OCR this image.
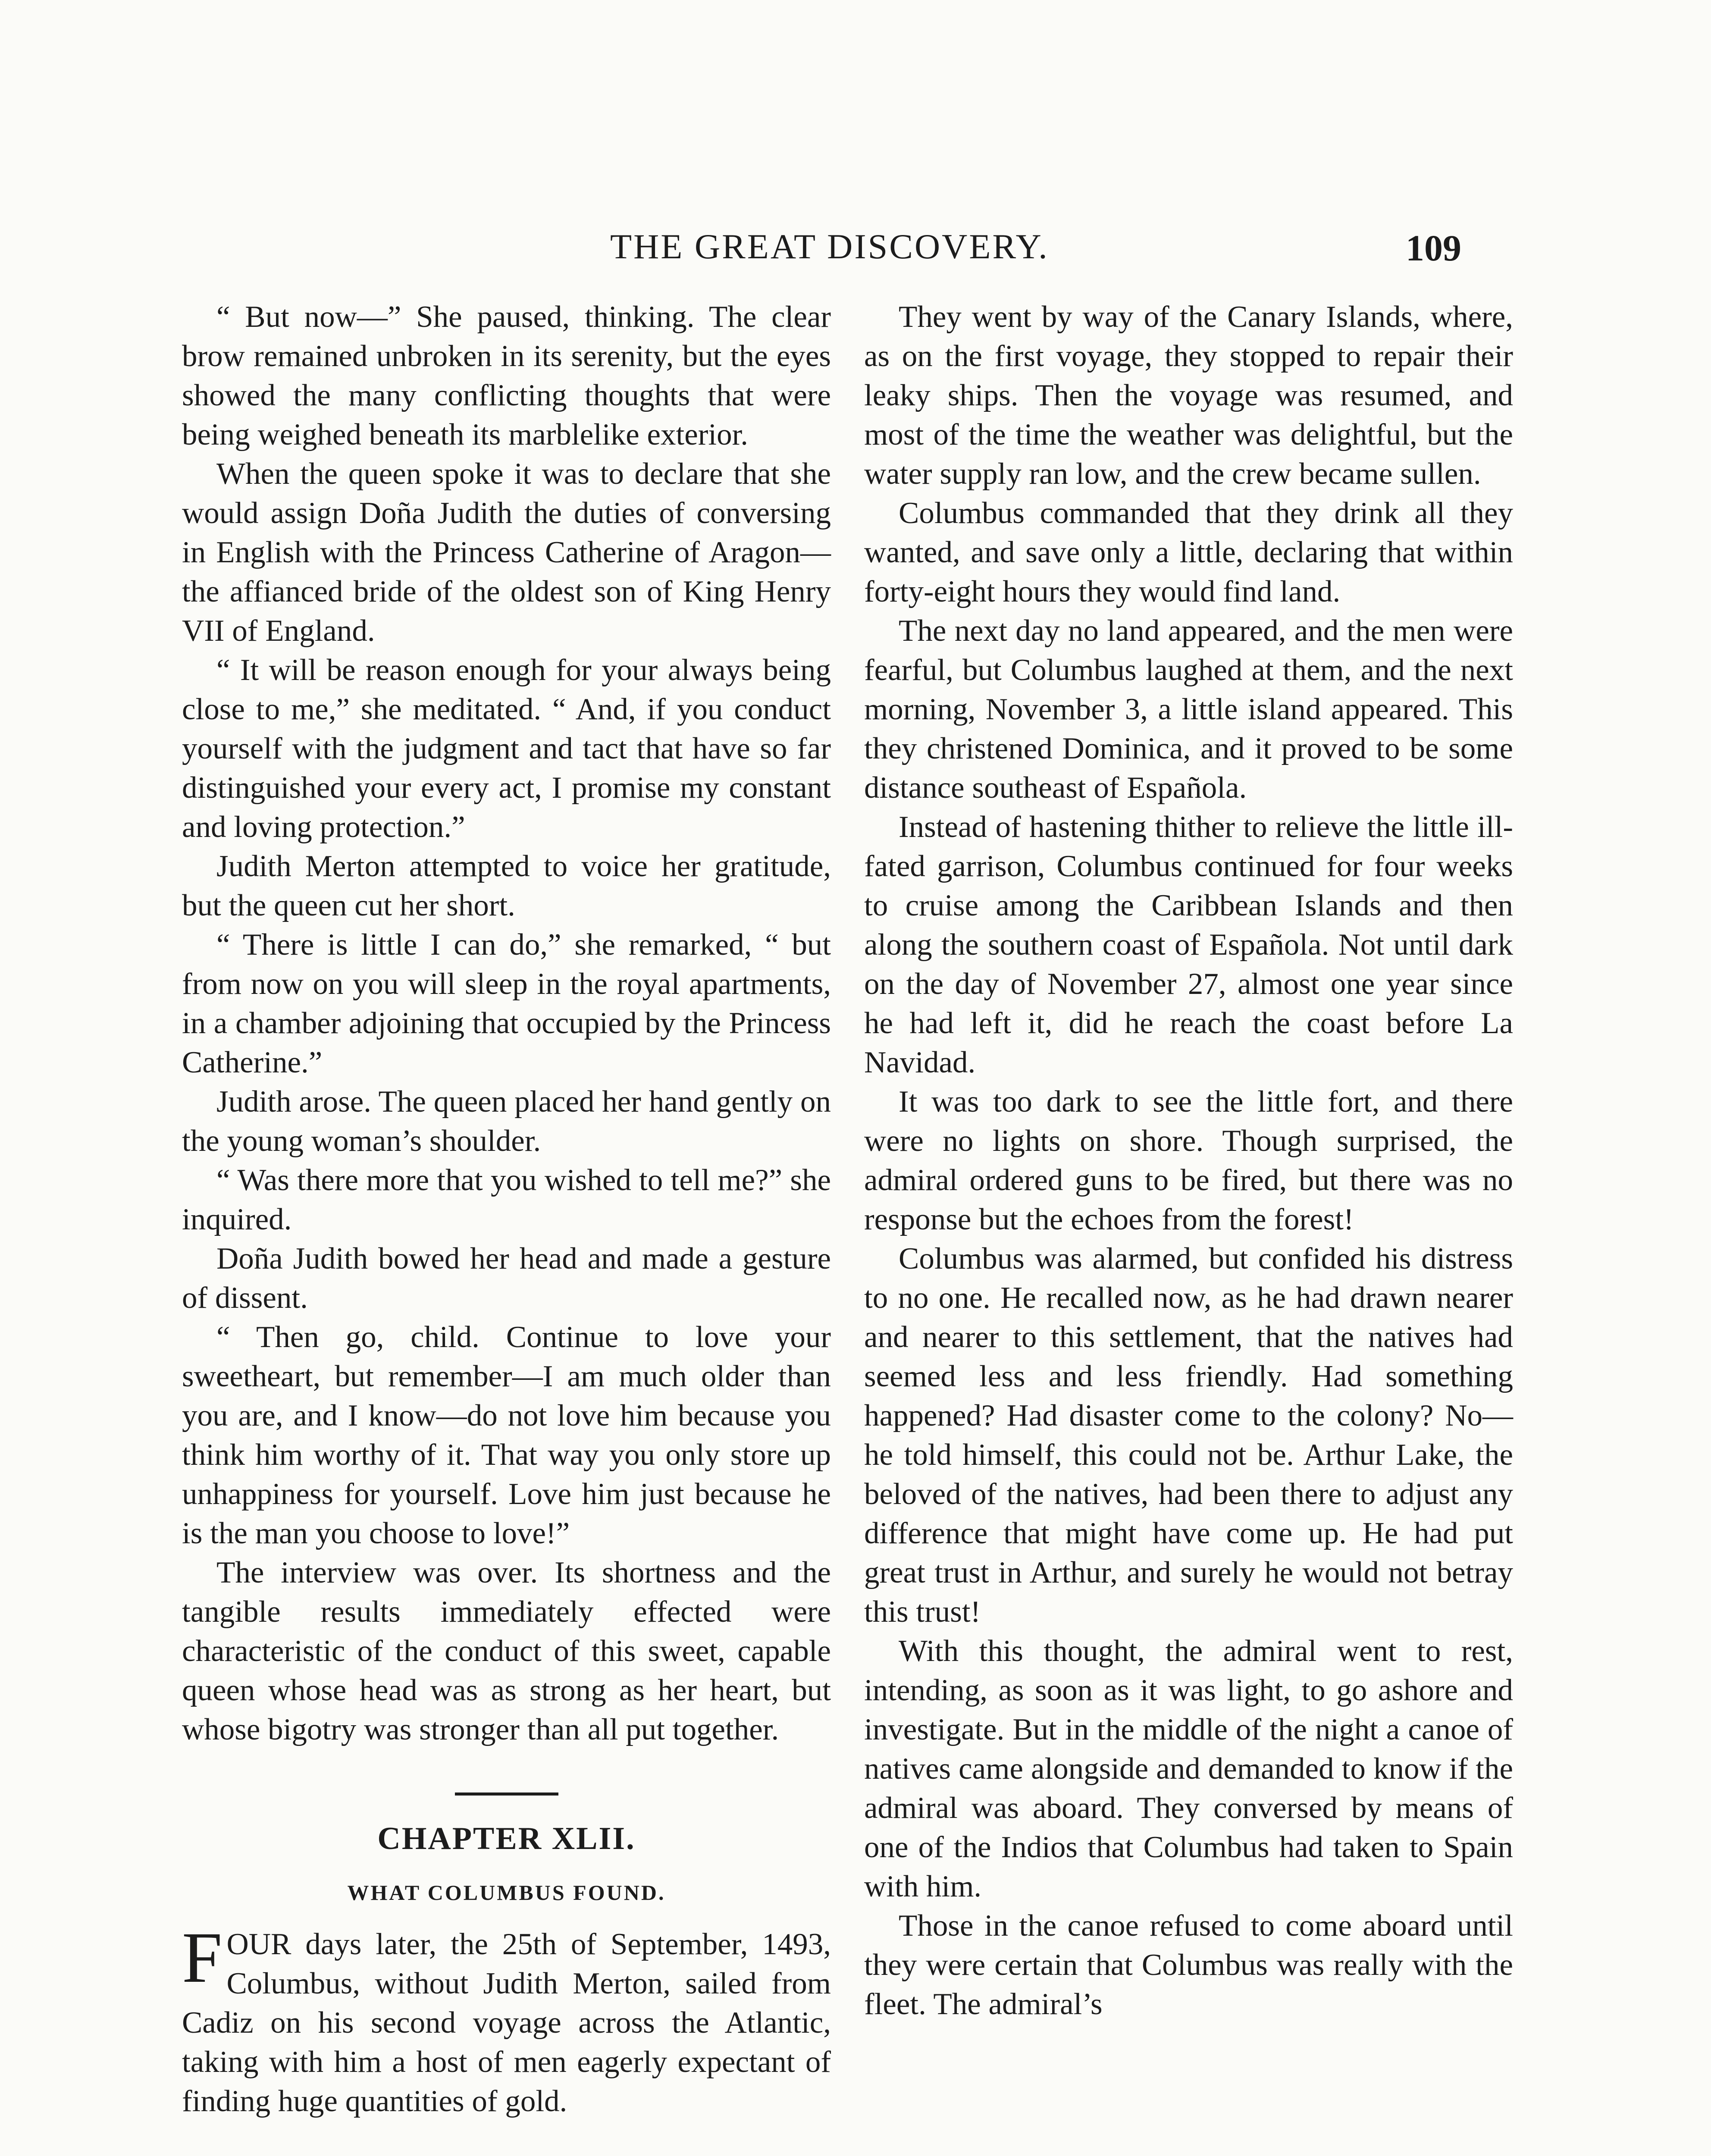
THE GREAT DISCOVERY.	109

“ But now—” She paused, thinking. The clear brow remained unbroken in its serenity, but the eyes showed the many conflicting thoughts that were being weighed beneath its marblelike exterior.

When the queen spoke it was to declare that she would assign Doña Judith the duties of conversing in English with the Princess Catherine of Aragon—the affianced bride of the oldest son of King Henry VII of England.

“ It will be reason enough for your always being close to me,” she meditated. “ And, if you conduct yourself with the judgment and tact that have so far distinguished your every act, I promise my constant and loving protection.”

Judith Merton attempted to voice her gratitude, but the queen cut her short.

“ There is little I can do,” she remarked, “ but from now on you will sleep in the royal apartments, in a chamber adjoining that occupied by the Princess Catherine.”

Judith arose. The queen placed her hand gently on the young woman’s shoulder.

“ Was there more that you wished to tell me?” she inquired.

Doña Judith bowed her head and made a gesture of dissent.

“ Then go, child. Continue to love your sweetheart, but remember—I am much older than you are, and I know—do not love him because you think him worthy of it. That way you only store up unhappiness for yourself. Love him just because he is the man you choose to love!”

The interview was over. Its shortness and the tangible results immediately effected were characteristic of the conduct of this sweet, capable queen whose head was as strong as her heart, but whose bigotry was stronger than all put together.

CHAPTER XLII.
WHAT COLUMBUS FOUND.

FOUR days later, the 25th of September, 1493, Columbus, without Judith Merton, sailed from Cadiz on his second voyage across the Atlantic, taking with him a host of men eagerly expectant of finding huge quantities of gold.

They went by way of the Canary Islands, where, as on the first voyage, they stopped to repair their leaky ships. Then the voyage was resumed, and most of the time the weather was delightful, but the water supply ran low, and the crew became sullen.

Columbus commanded that they drink all they wanted, and save only a little, declaring that within forty-eight hours they would find land.

The next day no land appeared, and the men were fearful, but Columbus laughed at them, and the next morning, November 3, a little island appeared. This they christened Dominica, and it proved to be some distance southeast of Española.

Instead of hastening thither to relieve the little ill-fated garrison, Columbus continued for four weeks to cruise among the Caribbean Islands and then along the southern coast of Española. Not until dark on the day of November 27, almost one year since he had left it, did he reach the coast before La Navidad.

It was too dark to see the little fort, and there were no lights on shore. Though surprised, the admiral ordered guns to be fired, but there was no response but the echoes from the forest!

Columbus was alarmed, but confided his distress to no one. He recalled now, as he had drawn nearer and nearer to this settlement, that the natives had seemed less and less friendly. Had something happened? Had disaster come to the colony? No—he told himself, this could not be. Arthur Lake, the beloved of the natives, had been there to adjust any difference that might have come up. He had put great trust in Arthur, and surely he would not betray this trust!

With this thought, the admiral went to rest, intending, as soon as it was light, to go ashore and investigate. But in the middle of the night a canoe of natives came alongside and demanded to know if the admiral was aboard. They conversed by means of one of the Indios that Columbus had taken to Spain with him.

Those in the canoe refused to come aboard until they were certain that Columbus was really with the fleet. The admiral’s
